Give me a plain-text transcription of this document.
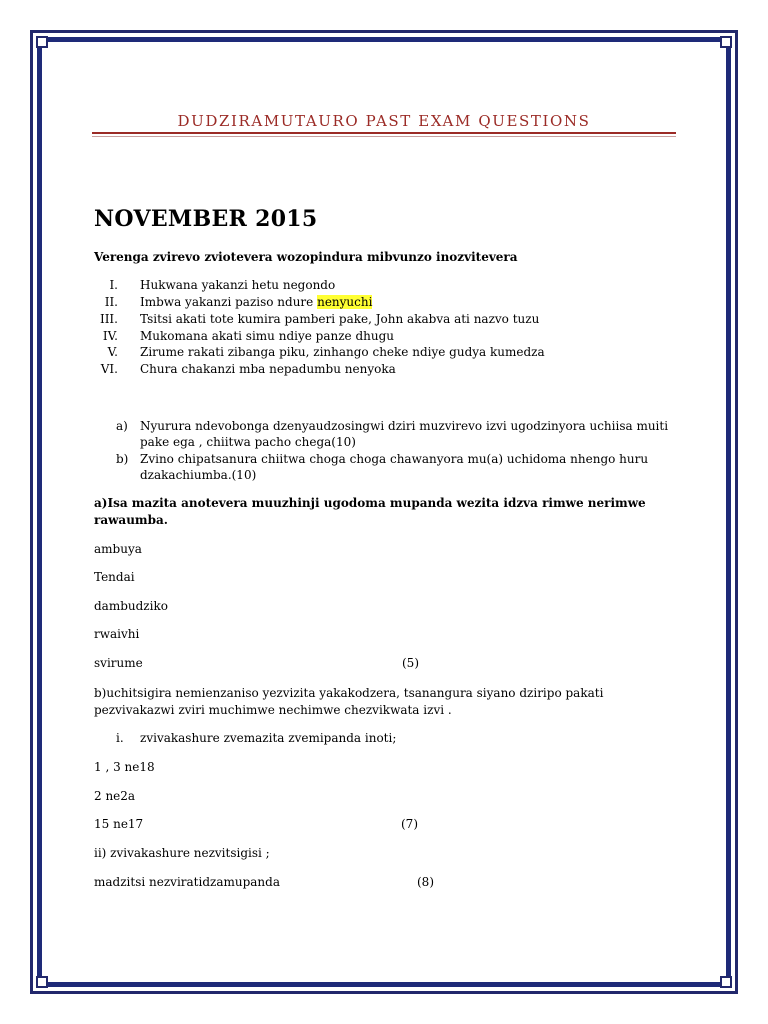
DUDZIRAMUTAURO PAST EXAM QUESTIONS
NOVEMBER 2015
Verenga zvirevo zviotevera wozopindura mibvunzo inozvitevera
I. Hukwana yakanzi hetu negondo
II. Imbwa yakanzi paziso ndure nenyuchi
III. Tsitsi akati tote kumira pamberi pake, John akabva ati nazvo tuzu
IV. Mukomana akati simu ndiye panze dhugu
V. Zirume rakati zibanga piku, zinhango cheke ndiye gudya kumedza
VI. Chura chakanzi mba nepadumbu nenyoka
a) Nyurura ndevobonga dzenyaudzosingwi dziri muzvirevo izvi ugodzinyora uchiisa muiti
pake ega , chiitwa pacho chega(10)
b) Zvino chipatsanura chiitwa choga choga chawanyora mu(a) uchidoma nhengo huru
dzakachiumba.(10)
a)Isa mazita anotevera muuzhinji ugodoma mupanda wezita idzva rimwe nerimwe
rawaumba.
ambuya
Tendai
dambudziko
rwaivhi
svirume	(5)
b)uchitsigira nemienzaniso yezvizita yakakodzera, tsanangura siyano dziripo pakati
pezvivakazwi zviri muchimwe nechimwe chezvikwata izvi .
i. zvivakashure zvemazita zvemipanda inoti;
1 , 3 ne18
2 ne2a
15 ne17	(7)
ii) zvivakashure nezvitsigisi ;
madzitsi nezviratidzamupanda	(8)
